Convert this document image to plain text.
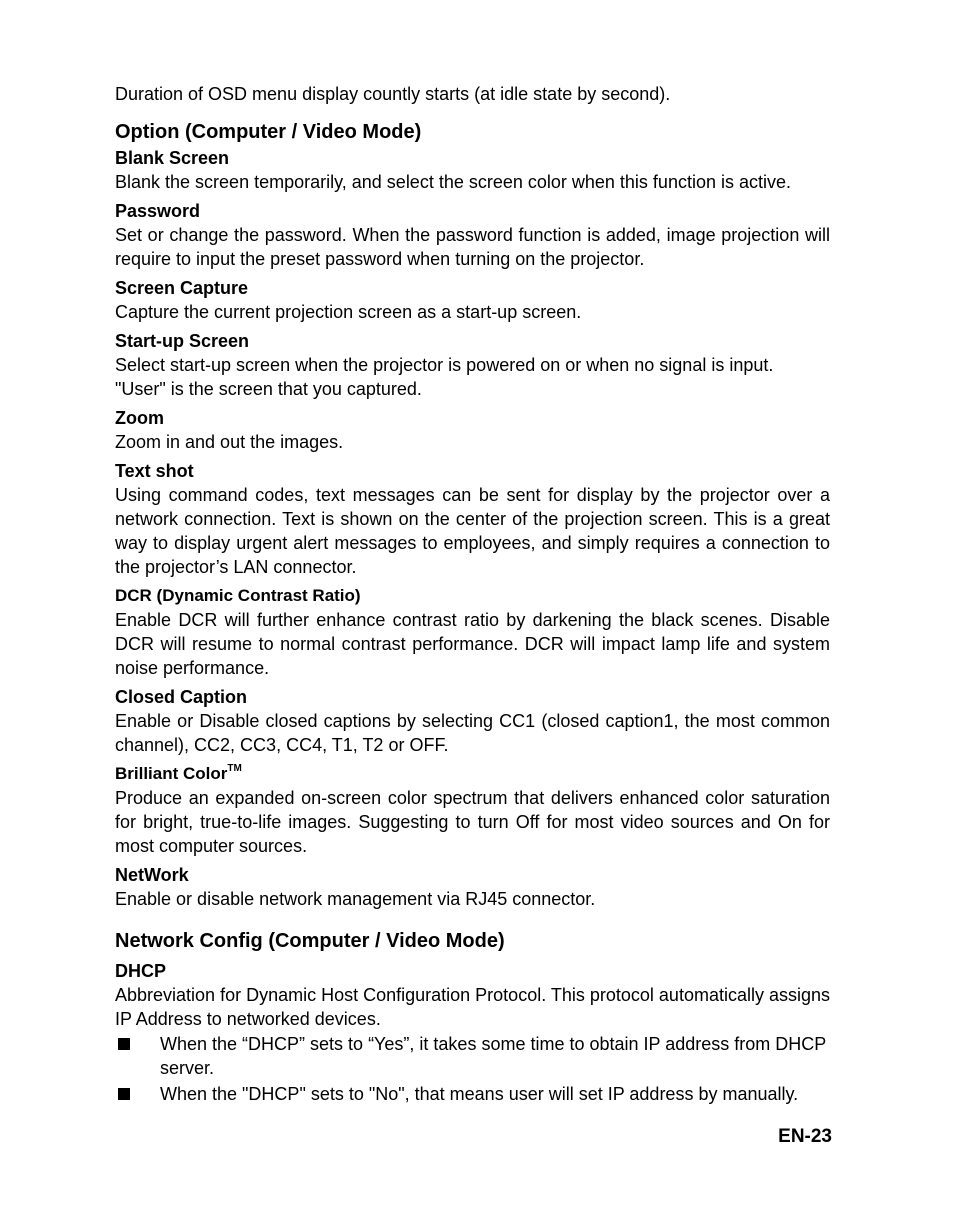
Duration of OSD menu display countly starts (at idle state by second).

Option (Computer / Video Mode)
Blank Screen

Blank the screen temporarily, and select the screen color when this function is active.

Password

Set or change the password. When the password function is added, image projection will require to input the preset password when turning on the projector.

Screen Capture

Capture the current projection screen as a start-up screen.

Start-up Screen

Select start-up screen when the projector is powered on or when no signal is input.

"User" is the screen that you captured.

Zoom

Zoom in and out the images.

Text shot

Using command codes, text messages can be sent for display by the projector over a network connection. Text is shown on the center of the projection screen. This is a great way to display urgent alert messages to employees, and simply requires a connection to the projector’s LAN connector.

DCR (Dynamic Contrast Ratio)

Enable DCR will further enhance contrast ratio by darkening the black scenes. Disable DCR will resume to normal contrast performance. DCR will impact lamp life and system noise performance.

Closed Caption

Enable or Disable closed captions by selecting CC1 (closed caption1, the most common channel), CC2, CC3, CC4, T1, T2 or OFF.

Brilliant Color™

Produce an expanded on-screen color spectrum that delivers enhanced color saturation for bright, true-to-life images. Suggesting to turn Off for most video sources and On for most computer sources.

NetWork

Enable or disable network management via RJ45 connector.

Network Config (Computer / Video Mode)
DHCP

Abbreviation for Dynamic Host Configuration Protocol. This protocol automatically assigns IP Address to networked devices.

When the “DHCP” sets to “Yes”, it takes some time to obtain IP address from DHCP server.
When the "DHCP" sets to "No", that means user will set IP address by manually.
EN-23
